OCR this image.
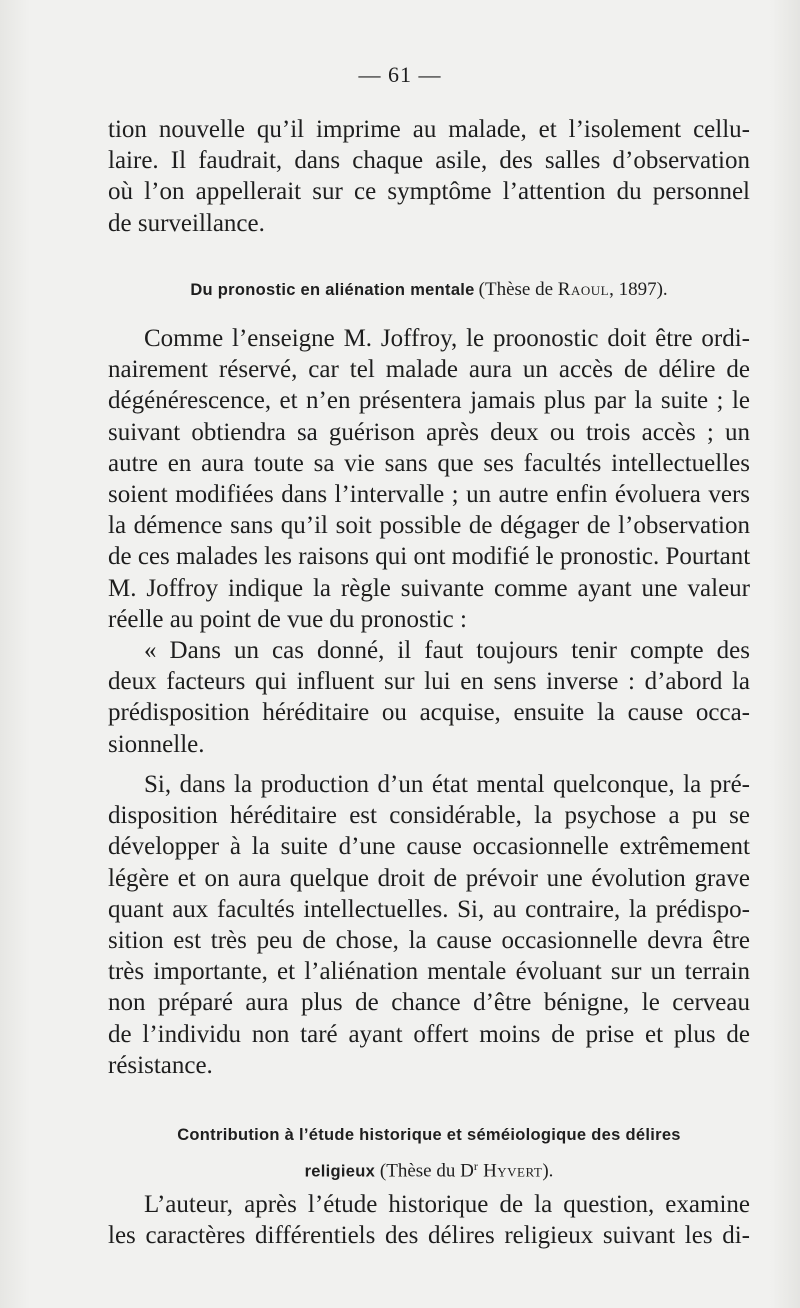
— 61 —
tion nouvelle qu’il imprime au malade, et l’isolement cellu-
laire. Il faudrait, dans chaque asile, des salles d’observation
où l’on appellerait sur ce symptôme l’attention du personnel
de surveillance.
Du pronostic en aliénation mentale (Thèse de Raoul, 1897).
Comme l’enseigne M. Joffroy, le proonostic doit être ordi-
nairement réservé, car tel malade aura un accès de délire de
dégénérescence, et n’en présentera jamais plus par la suite ; le
suivant obtiendra sa guérison après deux ou trois accès ; un
autre en aura toute sa vie sans que ses facultés intellectuelles
soient modifiées dans l’intervalle ; un autre enfin évoluera vers
la démence sans qu’il soit possible de dégager de l’observation
de ces malades les raisons qui ont modifié le pronostic. Pourtant
M. Joffroy indique la règle suivante comme ayant une valeur
réelle au point de vue du pronostic :
« Dans un cas donné, il faut toujours tenir compte des
deux facteurs qui influent sur lui en sens inverse : d’abord la
prédisposition héréditaire ou acquise, ensuite la cause occa-
sionnelle.
Si, dans la production d’un état mental quelconque, la pré-
disposition héréditaire est considérable, la psychose a pu se
développer à la suite d’une cause occasionnelle extrêmement
légère et on aura quelque droit de prévoir une évolution grave
quant aux facultés intellectuelles. Si, au contraire, la prédispo-
sition est très peu de chose, la cause occasionnelle devra être
très importante, et l’aliénation mentale évoluant sur un terrain
non préparé aura plus de chance d’être bénigne, le cerveau
de l’individu non taré ayant offert moins de prise et plus de
résistance.
Contribution à l’étude historique et séméiologique des délires
religieux (Thèse du $D^r$ Hyvert).
L’auteur, après l’étude historique de la question, examine
les caractères différentiels des délires religieux suivant les di-
